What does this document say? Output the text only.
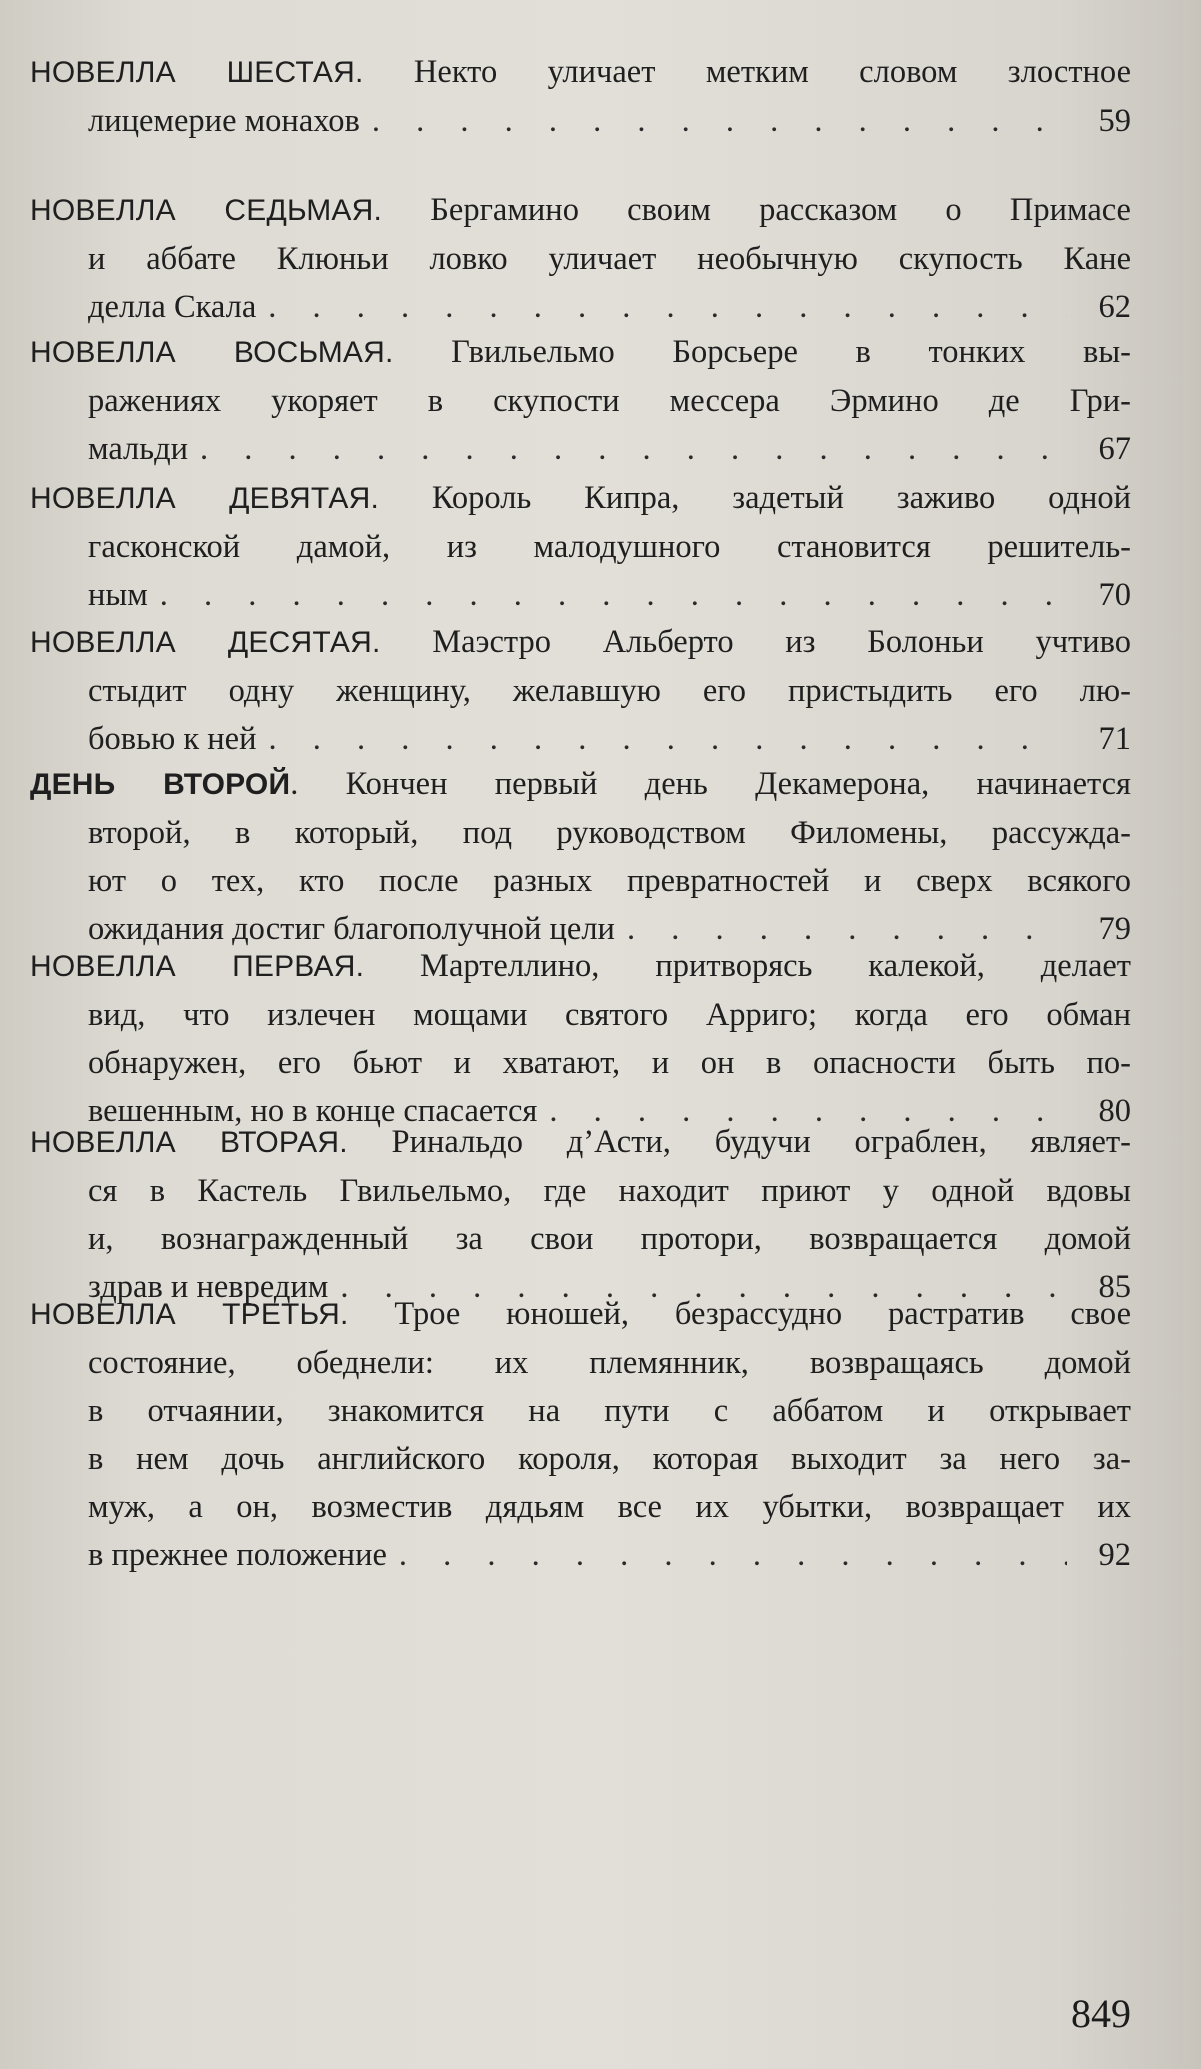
НОВЕЛЛА ШЕСТАЯ. Некто уличает метким словом злостное
лицемерие монахов . . .	59
НОВЕЛЛА СЕДЬМАЯ. Бергамино своим рассказом о Примасе
и аббате Клюньи ловко уличает необычную скупость Кане
делла Скала . . .	62
НОВЕЛЛА ВОСЬМАЯ. Гвильельмо Борсьере в тонких вы-
ражениях укоряет в скупости мессера Эрмино де Гри-
мальди . . .	67
НОВЕЛЛА ДЕВЯТАЯ. Король Кипра, задетый заживо одной
гасконской дамой, из малодушного становится решитель-
ным . . .	70
НОВЕЛЛА ДЕСЯТАЯ. Маэстро Альберто из Болоньи учтиво
стыдит одну женщину, желавшую его пристыдить его лю-
бовью к ней . . .	71
ДЕНЬ ВТОРОЙ. Кончен первый день Декамерона, начинается
второй, в который, под руководством Филомены, рассужда-
ют о тех, кто после разных превратностей и сверх всякого
ожидания достиг благополучной цели . . .	79
НОВЕЛЛА ПЕРВАЯ. Мартеллино, притворясь калекой, делает
вид, что излечен мощами святого Арриго; когда его обман
обнаружен, его бьют и хватают, и он в опасности быть по-
вешенным, но в конце спасается . . .	80
НОВЕЛЛА ВТОРАЯ. Ринальдо д’Асти, будучи ограблен, являет-
ся в Кастель Гвильельмо, где находит приют у одной вдовы
и, вознагражденный за свои протори, возвращается домой
здрав и невредим . . .	85
НОВЕЛЛА ТРЕТЬЯ. Трое юношей, безрассудно растратив свое
состояние, обеднели: их племянник, возвращаясь домой
в отчаянии, знакомится на пути с аббатом и открывает
в нем дочь английского короля, которая выходит за него за-
муж, а он, возместив дядьям все их убытки, возвращает их
в прежнее положение . . .	92
849
